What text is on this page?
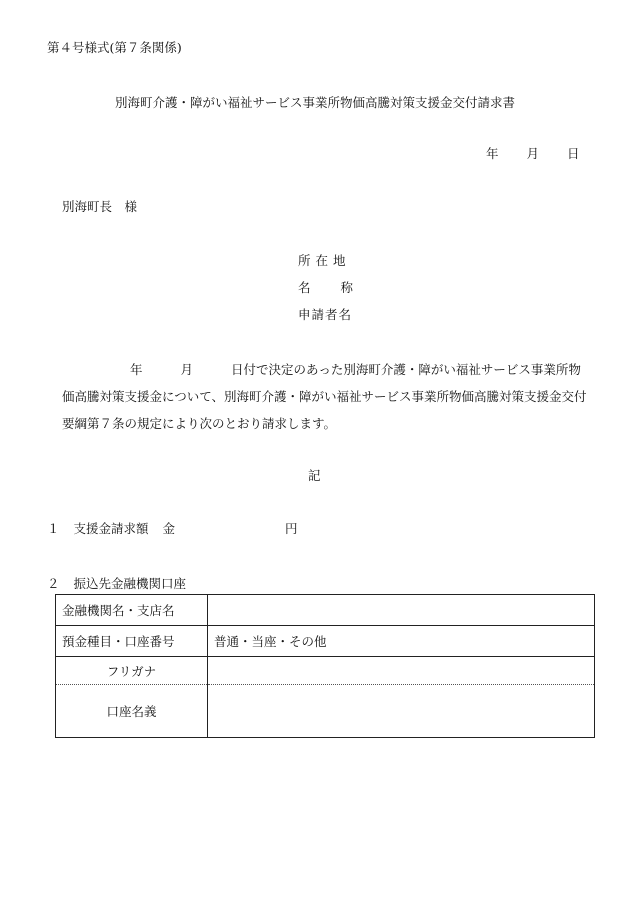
第４号様式(第７条関係)
別海町介護・障がい福祉サービス事業所物価高騰対策支援金交付請求書
年 月 日
別海町長　様
所在地
名 称
申請者名
年	月	日付で決定のあった別海町介護・障がい福祉サービス事業所物価高騰対策支援金について、別海町介護・障がい福祉サービス事業所物価高騰対策支援金交付要綱第７条の規定により次のとおり請求します。
記
１ 支援金請求額 金	円
２ 振込先金融機関口座
金融機関名・支店名	
預金種目・口座番号	普通・当座・その他
フリガナ	
口座名義	
